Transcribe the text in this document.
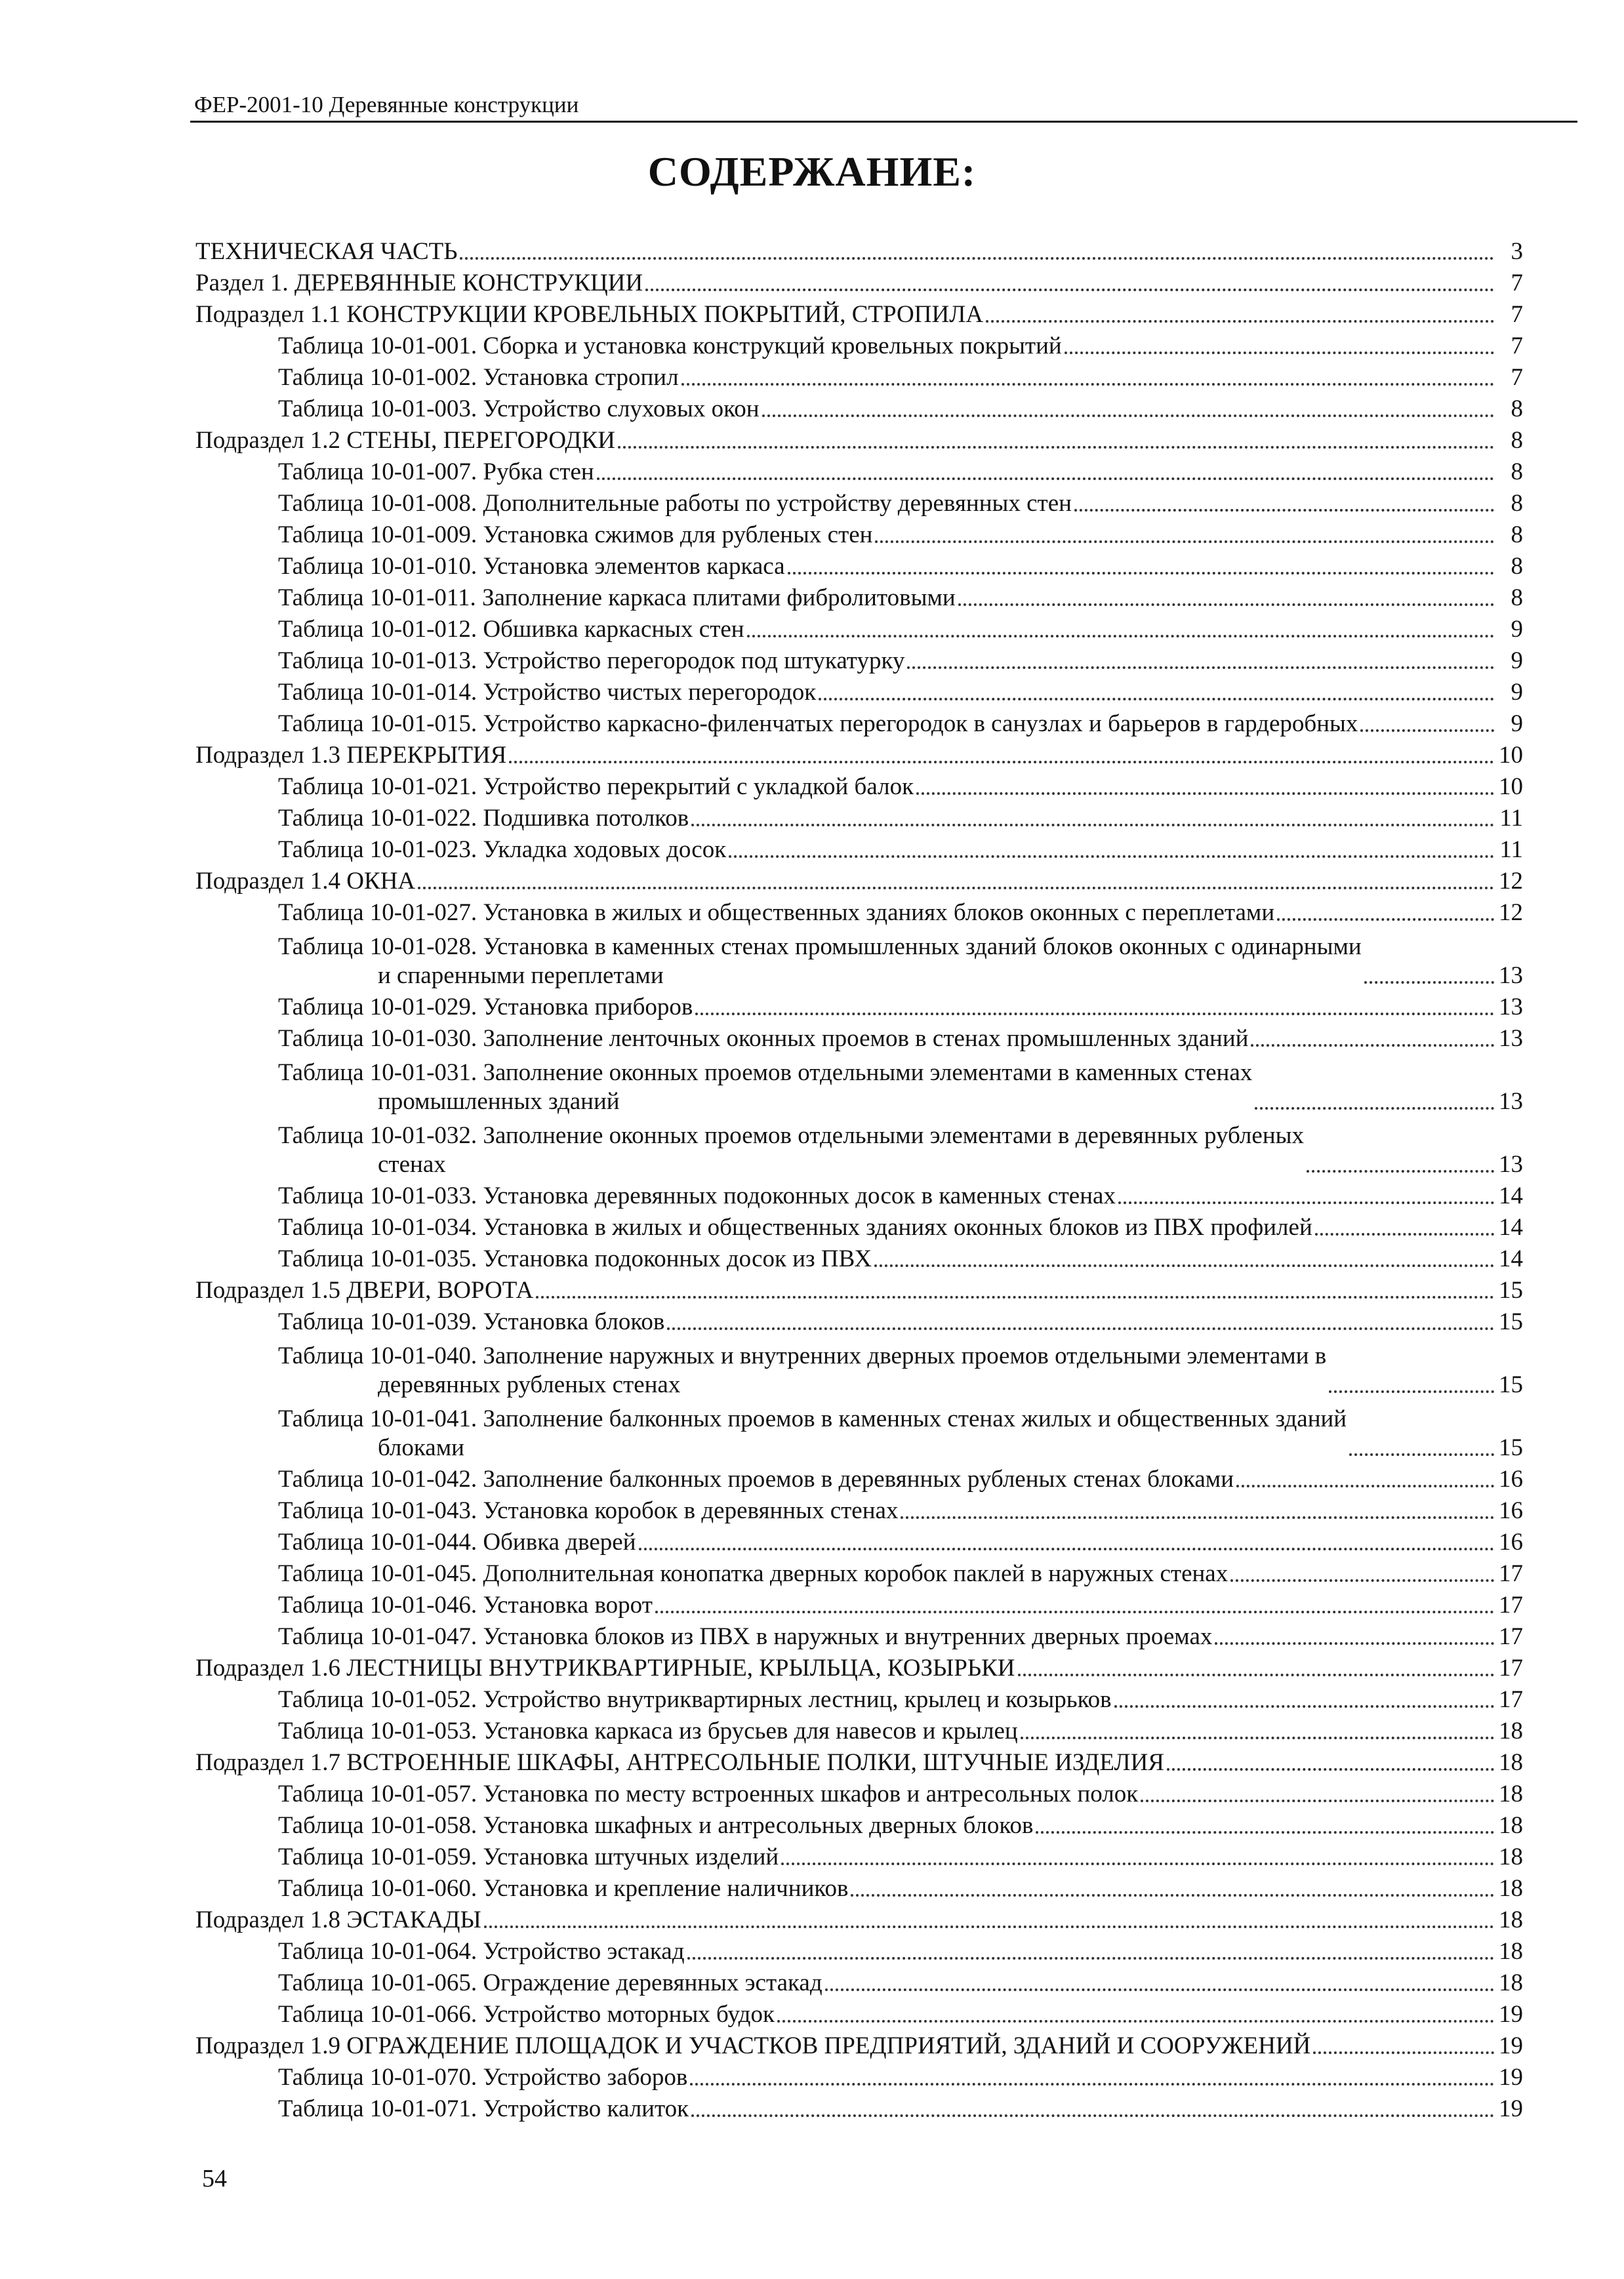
ФЕР-2001-10 Деревянные конструкции
СОДЕРЖАНИЕ:
ТЕХНИЧЕСКАЯ ЧАСТЬ	3
Раздел 1. ДЕРЕВЯННЫЕ КОНСТРУКЦИИ	7
Подраздел 1.1 КОНСТРУКЦИИ КРОВЕЛЬНЫХ ПОКРЫТИЙ, СТРОПИЛА	7
Таблица 10-01-001. Сборка и установка конструкций кровельных покрытий	7
Таблица 10-01-002. Установка стропил	7
Таблица 10-01-003. Устройство слуховых окон	8
Подраздел 1.2 СТЕНЫ, ПЕРЕГОРОДКИ	8
Таблица 10-01-007. Рубка стен	8
Таблица 10-01-008. Дополнительные работы по устройству деревянных стен	8
Таблица 10-01-009. Установка сжимов для рубленых стен	8
Таблица 10-01-010. Установка элементов каркаса	8
Таблица 10-01-011. Заполнение каркаса плитами фибролитовыми	8
Таблица 10-01-012. Обшивка каркасных стен	9
Таблица 10-01-013. Устройство перегородок под штукатурку	9
Таблица 10-01-014. Устройство чистых перегородок	9
Таблица 10-01-015. Устройство каркасно-филенчатых перегородок в санузлах и барьеров в гардеробных	9
Подраздел 1.3 ПЕРЕКРЫТИЯ	10
Таблица 10-01-021. Устройство перекрытий с укладкой балок	10
Таблица 10-01-022. Подшивка потолков	11
Таблица 10-01-023. Укладка ходовых досок	11
Подраздел 1.4 ОКНА	12
Таблица 10-01-027. Установка в жилых и общественных зданиях блоков оконных с переплетами	12
Таблица 10-01-028. Установка в каменных стенах промышленных зданий блоков оконных с одинарными
и спаренными переплетами	13
Таблица 10-01-029. Установка приборов	13
Таблица 10-01-030. Заполнение ленточных оконных проемов в стенах промышленных зданий	13
Таблица 10-01-031. Заполнение оконных проемов отдельными элементами в каменных стенах
промышленных зданий	13
Таблица 10-01-032. Заполнение оконных проемов отдельными элементами в деревянных рубленых
стенах	13
Таблица 10-01-033. Установка деревянных подоконных досок в каменных стенах	14
Таблица 10-01-034. Установка в жилых и общественных зданиях оконных блоков из ПВХ профилей	14
Таблица 10-01-035. Установка подоконных досок из ПВХ	14
Подраздел 1.5 ДВЕРИ, ВОРОТА	15
Таблица 10-01-039. Установка блоков	15
Таблица 10-01-040. Заполнение наружных и внутренних дверных проемов отдельными элементами в
деревянных рубленых стенах	15
Таблица 10-01-041. Заполнение балконных проемов в каменных стенах жилых и общественных зданий
блоками	15
Таблица 10-01-042. Заполнение балконных проемов в деревянных рубленых стенах блоками	16
Таблица 10-01-043. Установка коробок в деревянных стенах	16
Таблица 10-01-044. Обивка дверей	16
Таблица 10-01-045. Дополнительная конопатка дверных коробок паклей в наружных стенах	17
Таблица 10-01-046. Установка ворот	17
Таблица 10-01-047. Установка блоков из ПВХ в наружных и внутренних дверных проемах	17
Подраздел 1.6 ЛЕСТНИЦЫ ВНУТРИКВАРТИРНЫЕ, КРЫЛЬЦА, КОЗЫРЬКИ	17
Таблица 10-01-052. Устройство внутриквартирных лестниц, крылец и козырьков	17
Таблица 10-01-053. Установка каркаса из брусьев для навесов и крылец	18
Подраздел 1.7 ВСТРОЕННЫЕ ШКАФЫ, АНТРЕСОЛЬНЫЕ ПОЛКИ, ШТУЧНЫЕ ИЗДЕЛИЯ	18
Таблица 10-01-057. Установка по месту встроенных шкафов и антресольных полок	18
Таблица 10-01-058. Установка шкафных и антресольных дверных блоков	18
Таблица 10-01-059. Установка штучных изделий	18
Таблица 10-01-060. Установка и крепление наличников	18
Подраздел 1.8 ЭСТАКАДЫ	18
Таблица 10-01-064. Устройство эстакад	18
Таблица 10-01-065. Ограждение деревянных эстакад	18
Таблица 10-01-066. Устройство моторных будок	19
Подраздел 1.9 ОГРАЖДЕНИЕ ПЛОЩАДОК И УЧАСТКОВ ПРЕДПРИЯТИЙ, ЗДАНИЙ И СООРУЖЕНИЙ	19
Таблица 10-01-070. Устройство заборов	19
Таблица 10-01-071. Устройство калиток	19
54
